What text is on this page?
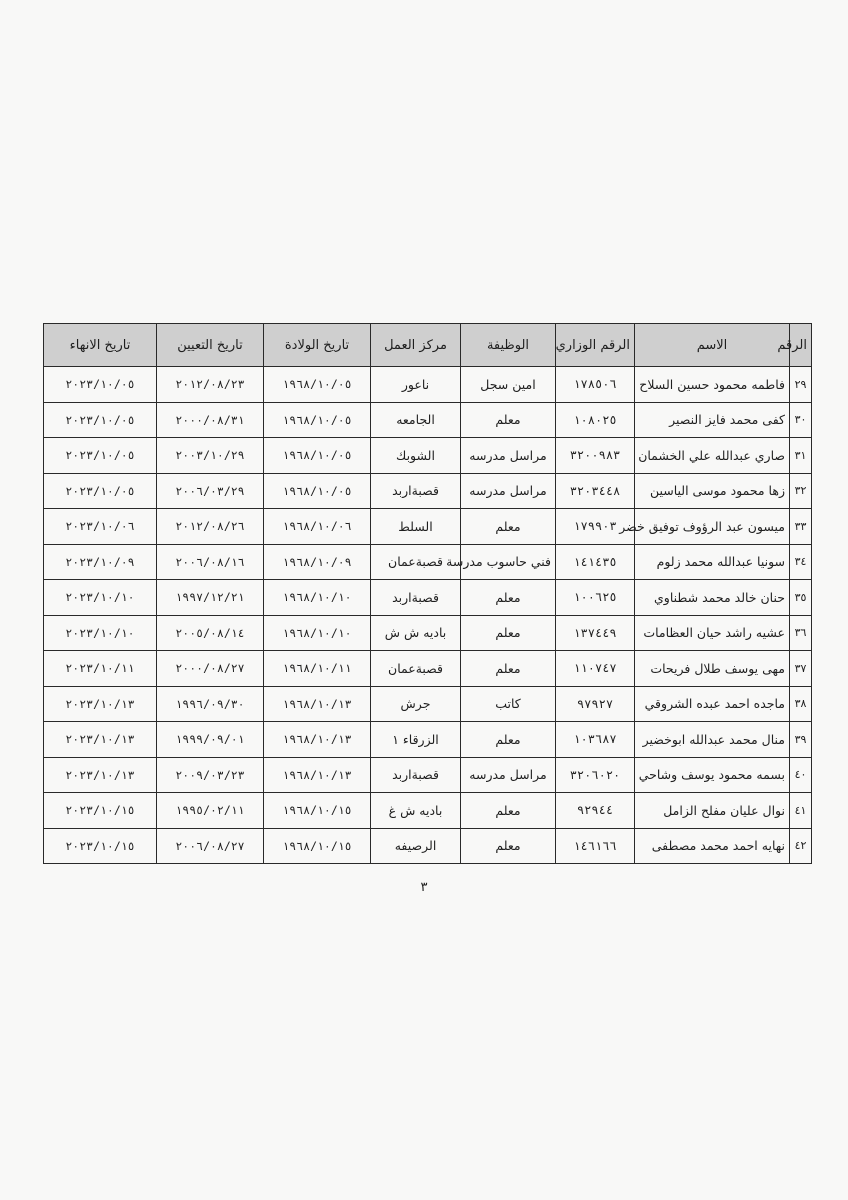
الرقم	الاسم	الرقم الوزاري	الوظيفة	مركز العمل	تاريخ الولادة	تاريخ التعيين	تاريخ الانهاء
٢٩	فاطمه محمود حسين السلاح	١٧٨٥٠٦	امين سجل	ناعور	١٩٦٨/١٠/٠٥	٢٠١٢/٠٨/٢٣	٢٠٢٣/١٠/٠٥
٣٠	كفى محمد فايز النصير	١٠٨٠٢٥	معلم	الجامعه	١٩٦٨/١٠/٠٥	٢٠٠٠/٠٨/٣١	٢٠٢٣/١٠/٠٥
٣١	صاري عبدالله علي الخشمان	٣٢٠٠٩٨٣	مراسل مدرسه	الشوبك	١٩٦٨/١٠/٠٥	٢٠٠٣/١٠/٢٩	٢٠٢٣/١٠/٠٥
٣٢	زها محمود موسى الياسين	٣٢٠٣٤٤٨	مراسل مدرسه	قصبةاربد	١٩٦٨/١٠/٠٥	٢٠٠٦/٠٣/٢٩	٢٠٢٣/١٠/٠٥
٣٣	ميسون عبد الرؤوف توفيق خضر	١٧٩٩٠٣	معلم	السلط	١٩٦٨/١٠/٠٦	٢٠١٢/٠٨/٢٦	٢٠٢٣/١٠/٠٦
٣٤	سونيا عبدالله محمد زلوم	١٤١٤٣٥	فني حاسوب مدرسة	قصبةعمان	١٩٦٨/١٠/٠٩	٢٠٠٦/٠٨/١٦	٢٠٢٣/١٠/٠٩
٣٥	حنان خالد محمد شطناوي	١٠٠٦٢٥	معلم	قصبةاربد	١٩٦٨/١٠/١٠	١٩٩٧/١٢/٢١	٢٠٢٣/١٠/١٠
٣٦	عشيه راشد حيان العظامات	١٣٧٤٤٩	معلم	باديه ش ش	١٩٦٨/١٠/١٠	٢٠٠٥/٠٨/١٤	٢٠٢٣/١٠/١٠
٣٧	مهى يوسف طلال فريحات	١١٠٧٤٧	معلم	قصبةعمان	١٩٦٨/١٠/١١	٢٠٠٠/٠٨/٢٧	٢٠٢٣/١٠/١١
٣٨	ماجده احمد عبده الشروقي	٩٧٩٢٧	كاتب	جرش	١٩٦٨/١٠/١٣	١٩٩٦/٠٩/٣٠	٢٠٢٣/١٠/١٣
٣٩	منال محمد عبدالله ابوخضير	١٠٣٦٨٧	معلم	الزرقاء ١	١٩٦٨/١٠/١٣	١٩٩٩/٠٩/٠١	٢٠٢٣/١٠/١٣
٤٠	بسمه محمود يوسف وشاحي	٣٢٠٦٠٢٠	مراسل مدرسه	قصبةاربد	١٩٦٨/١٠/١٣	٢٠٠٩/٠٣/٢٣	٢٠٢٣/١٠/١٣
٤١	نوال عليان مفلح الزامل	٩٢٩٤٤	معلم	باديه ش غ	١٩٦٨/١٠/١٥	١٩٩٥/٠٢/١١	٢٠٢٣/١٠/١٥
٤٢	نهايه احمد محمد مصطفى	١٤٦١٦٦	معلم	الرصيفه	١٩٦٨/١٠/١٥	٢٠٠٦/٠٨/٢٧	٢٠٢٣/١٠/١٥
٣
